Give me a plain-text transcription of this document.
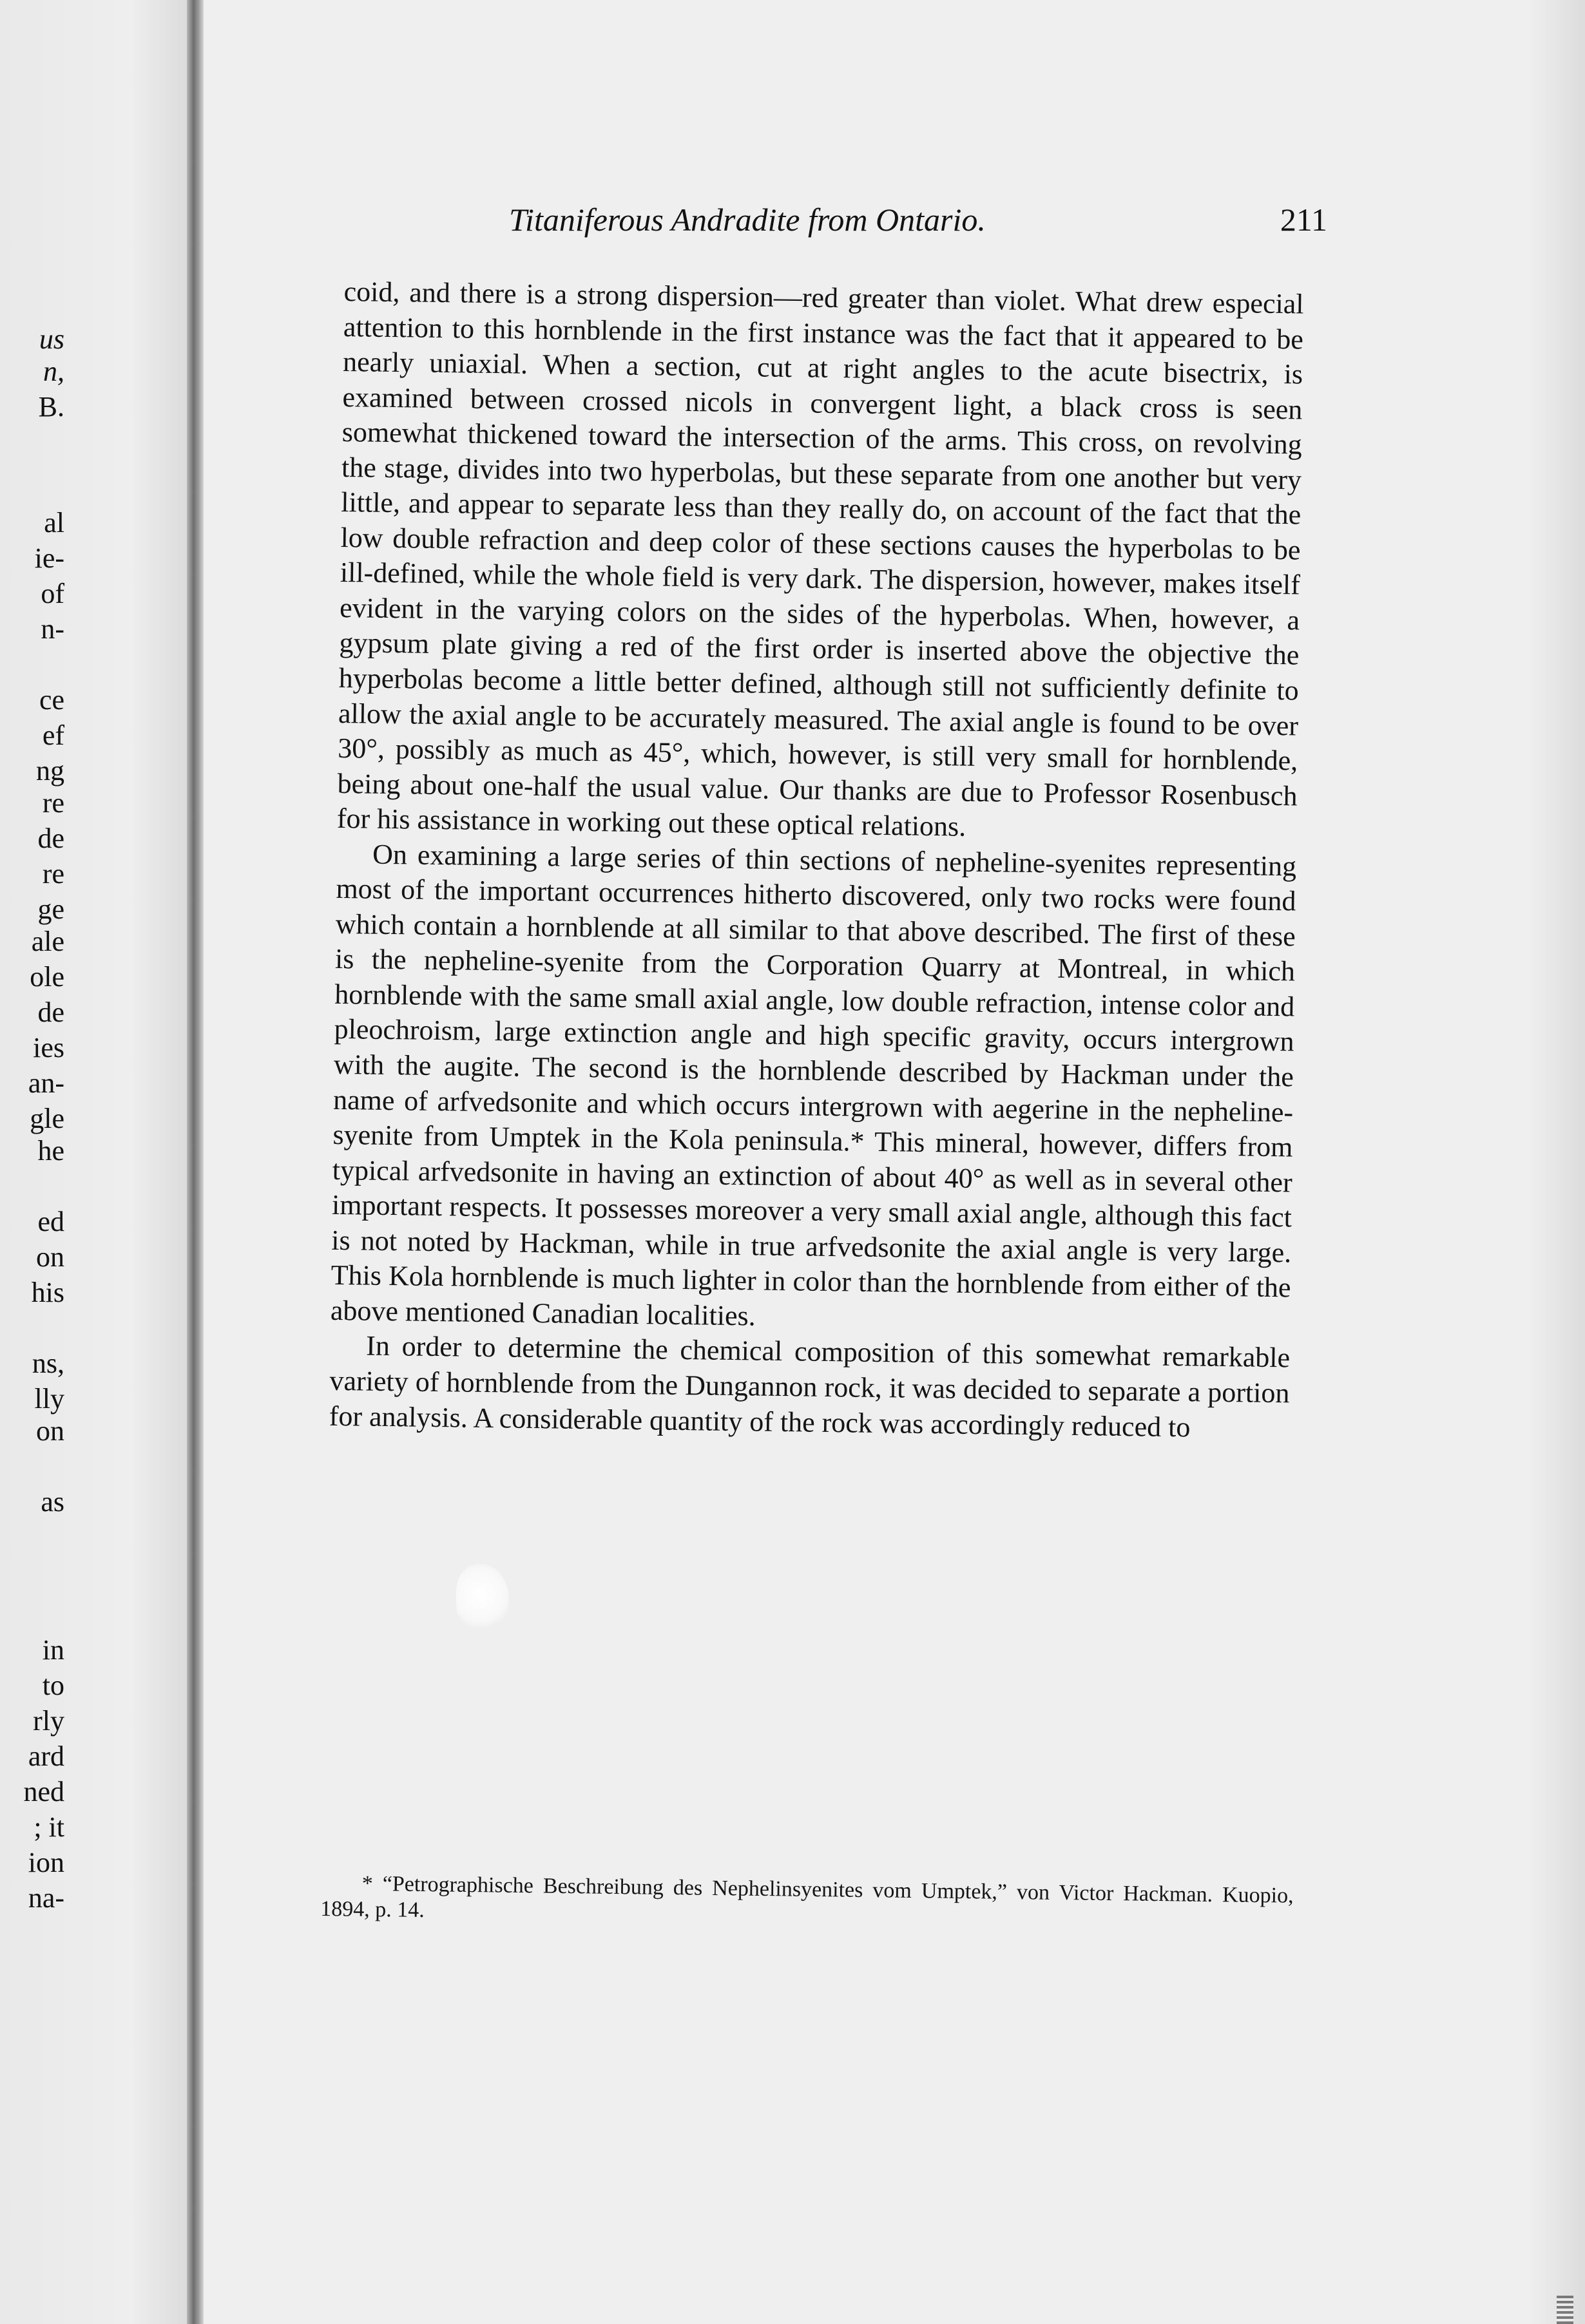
us
n,
B.
al
ie-
of
n-
ce
ef
ng
re
de
re
ge
ale
ole
de
ies
an-
gle
he
ed
on
his
ns,
lly
on
as
in
to
rly
ard
ned
; it
ion
na-
Titaniferous Andradite from Ontario.	211

coid, and there is a strong dispersion—red greater than violet. What drew especial attention to this hornblende in the first instance was the fact that it appeared to be nearly uniaxial. When a section, cut at right angles to the acute bisectrix, is examined between crossed nicols in convergent light, a black cross is seen somewhat thickened toward the intersection of the arms. This cross, on revolving the stage, divides into two hyperbolas, but these separate from one another but very little, and appear to separate less than they really do, on account of the fact that the low double refraction and deep color of these sections causes the hyperbolas to be ill-defined, while the whole field is very dark. The dispersion, however, makes itself evident in the varying colors on the sides of the hyperbolas. When, however, a gypsum plate giving a red of the first order is inserted above the objective the hyperbolas become a little better defined, although still not sufficiently definite to allow the axial angle to be accurately measured. The axial angle is found to be over 30°, possibly as much as 45°, which, however, is still very small for hornblende, being about one-half the usual value. Our thanks are due to Professor Rosenbusch for his assistance in working out these optical relations.

On examining a large series of thin sections of nepheline-syenites representing most of the important occurrences hitherto discovered, only two rocks were found which contain a hornblende at all similar to that above described. The first of these is the nepheline-syenite from the Corporation Quarry at Montreal, in which hornblende with the same small axial angle, low double refraction, intense color and pleochroism, large extinction angle and high specific gravity, occurs intergrown with the augite. The second is the hornblende described by Hackman under the name of arfvedsonite and which occurs intergrown with aegerine in the nepheline-syenite from Umptek in the Kola peninsula.* This mineral, however, differs from typical arfvedsonite in having an extinction of about 40° as well as in several other important respects. It possesses moreover a very small axial angle, although this fact is not noted by Hackman, while in true arfvedsonite the axial angle is very large. This Kola hornblende is much lighter in color than the hornblende from either of the above mentioned Canadian localities.

In order to determine the chemical composition of this somewhat remarkable variety of hornblende from the Dungannon rock, it was decided to separate a portion for analysis. A considerable quantity of the rock was accordingly reduced to

* “Petrographische Beschreibung des Nephelinsyenites vom Umptek,” von Victor Hackman. Kuopio, 1894, p. 14.
